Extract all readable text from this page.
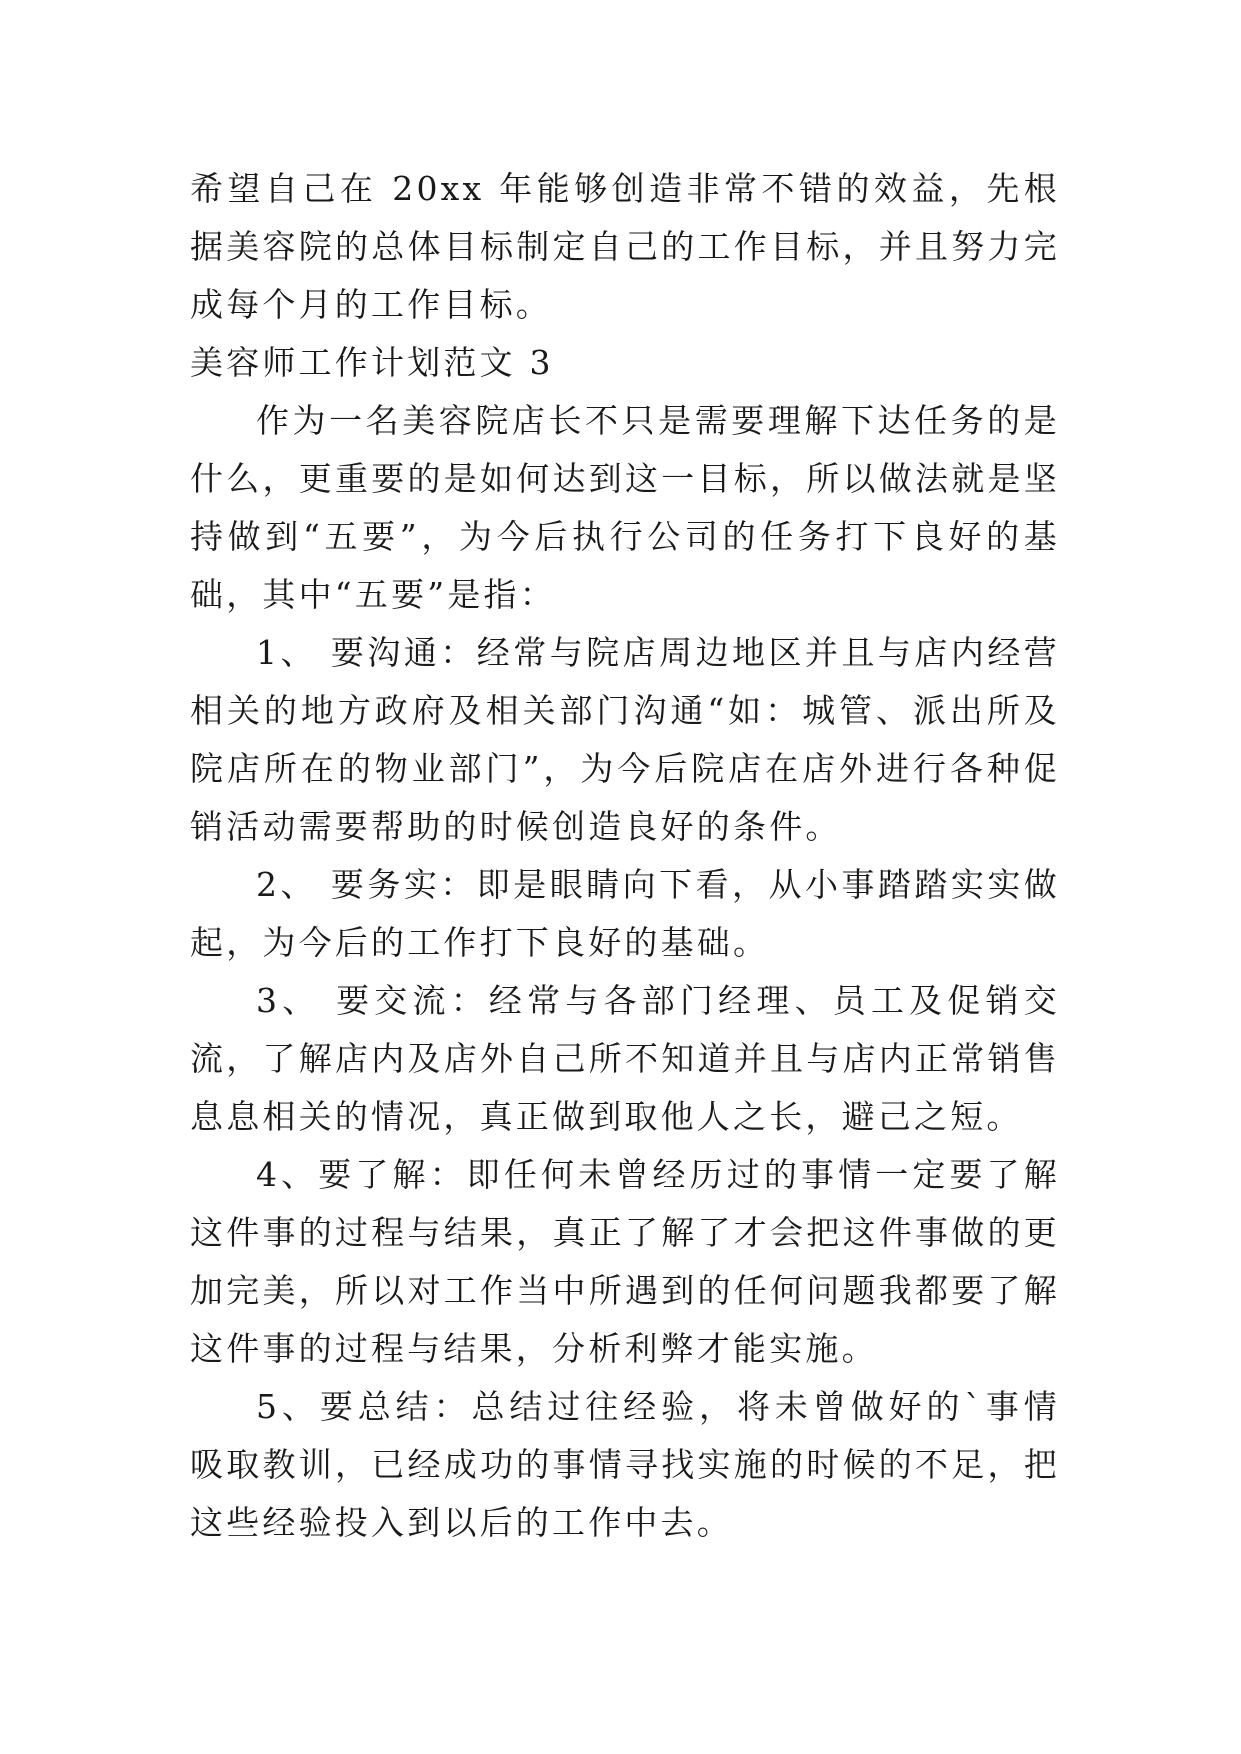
希望自己在 20xx 年能够创造非常不错的效益，先根据美容院的总体目标制定自己的工作目标，并且努力完成每个月的工作目标。

美容师工作计划范文 3

作为一名美容院店长不只是需要理解下达任务的是什么，更重要的是如何达到这一目标，所以做法就是坚持做到“五要”，为今后执行公司的任务打下良好的基础，其中“五要”是指：

1、 要沟通：经常与院店周边地区并且与店内经营相关的地方政府及相关部门沟通“如：城管、派出所及院店所在的物业部门”，为今后院店在店外进行各种促销活动需要帮助的时候创造良好的条件。

2、 要务实：即是眼睛向下看，从小事踏踏实实做起，为今后的工作打下良好的基础。

3、 要交流：经常与各部门经理、员工及促销交流，了解店内及店外自己所不知道并且与店内正常销售息息相关的情况，真正做到取他人之长，避己之短。

4、要了解：即任何未曾经历过的事情一定要了解这件事的过程与结果，真正了解了才会把这件事做的更加完美，所以对工作当中所遇到的任何问题我都要了解这件事的过程与结果，分析利弊才能实施。

5、要总结：总结过往经验，将未曾做好的`事情吸取教训，已经成功的事情寻找实施的时候的不足，把这些经验投入到以后的工作中去。
